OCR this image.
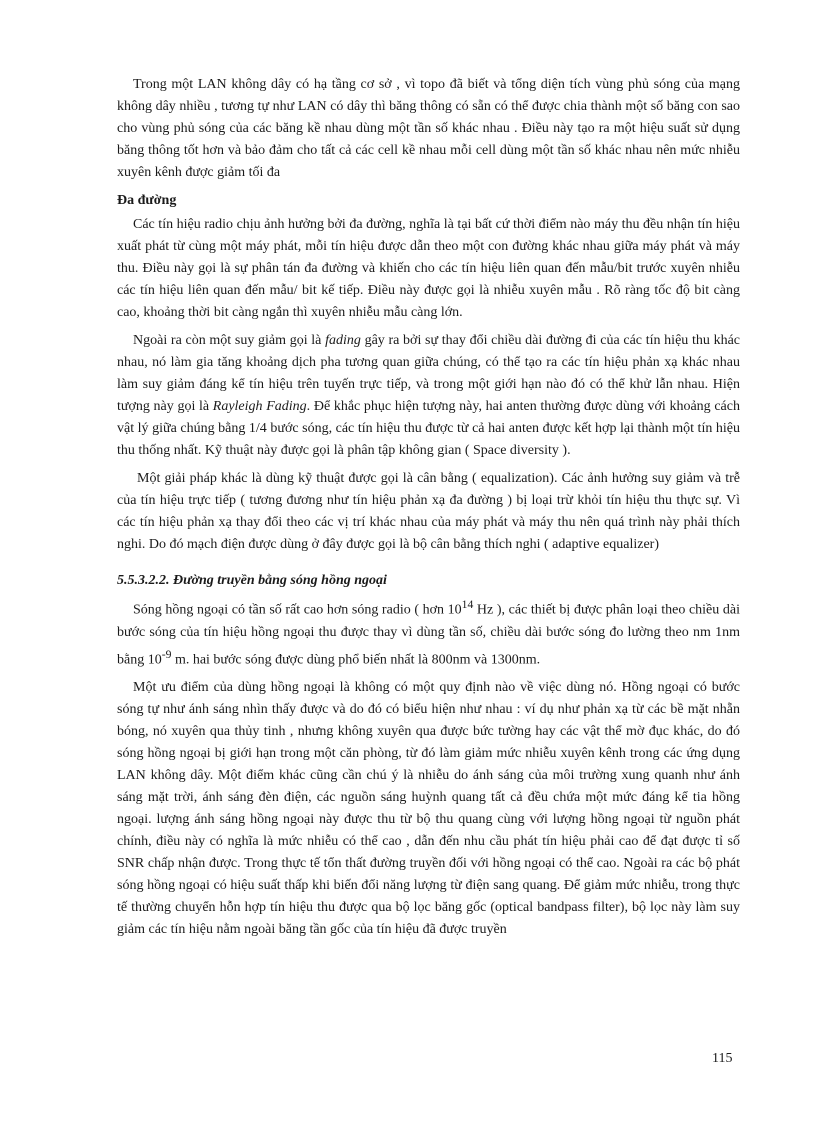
Trong một LAN không dây có hạ tầng cơ sở , vì topo đã biết và tổng diện tích vùng phủ sóng của mạng không dây nhiều , tương tự như LAN có dây thì băng thông có sẵn có thể được chia thành một số băng con sao cho vùng phủ sóng của các băng kề nhau dùng một tần số khác nhau . Điều này tạo ra một hiệu suất sử dụng băng thông tốt hơn và bảo đảm cho tất cả các cell kề nhau mỗi cell dùng một tần số khác nhau nên mức nhiễu xuyên kênh được giảm tối đa

Đa đường

Các tín hiệu radio chịu ảnh hưởng bởi đa đường, nghĩa là tại bất cứ thời điểm nào máy thu đều nhận tín hiệu xuất phát từ cùng một máy phát, mỗi tín hiệu được dẫn theo một con đường khác nhau giữa máy phát và máy thu. Điều này gọi là sự phân tán đa đường và khiến cho các tín hiệu liên quan đến mẫu/bit trước xuyên nhiễu các tín hiệu liên quan đến mẫu/ bit kế tiếp. Điều này được gọi là nhiễu xuyên mẫu . Rõ ràng tốc độ bit càng cao, khoảng thời bit càng ngắn thì xuyên nhiễu mẫu càng lớn.

Ngoài ra còn một suy giảm gọi là fading gây ra bởi sự thay đổi chiều dài đường đi của các tín hiệu thu khác nhau, nó làm gia tăng khoảng dịch pha tương quan giữa chúng, có thể tạo ra các tín hiệu phản xạ khác nhau làm suy giảm đáng kể tín hiệu trên tuyến trực tiếp, và trong một giới hạn nào đó có thể khử lẫn nhau. Hiện tượng này gọi là Rayleigh Fading. Để khắc phục hiện tượng này, hai anten thường được dùng với khoảng cách vật lý giữa chúng bằng 1/4 bước sóng, các tín hiệu thu được từ cả hai anten được kết hợp lại thành một tín hiệu thu thống nhất. Kỹ thuật này được gọi là phân tập không gian ( Space diversity ).

Một giải pháp khác là dùng kỹ thuật được gọi là cân bằng ( equalization). Các ảnh hưởng suy giảm và trễ của tín hiệu trực tiếp ( tương đương như tín hiệu phản xạ đa đường ) bị loại trừ khỏi tín hiệu thu thực sự. Vì các tín hiệu phản xạ thay đổi theo các vị trí khác nhau của máy phát và máy thu nên quá trình này phải thích nghi. Do đó mạch điện được dùng ở đây được gọi là bộ cân bằng thích nghi ( adaptive equalizer)

5.5.3.2.2. Đường truyền bằng sóng hồng ngoại

Sóng hồng ngoại có tần số rất cao hơn sóng radio ( hơn $10^{14}$ Hz ), các thiết bị được phân loại theo chiều dài bước sóng của tín hiệu hồng ngoại thu được thay vì dùng tần số, chiều dài bước sóng đo lường theo nm 1nm bằng $10^{-9}$ m. hai bước sóng được dùng phổ biến nhất là 800nm và 1300nm.

Một ưu điểm của dùng hồng ngoại là không có một quy định nào về việc dùng nó. Hồng ngoại có bước sóng tự như ánh sáng nhìn thấy được và do đó có biểu hiện như nhau : ví dụ như phản xạ từ các bề mặt nhẵn bóng, nó xuyên qua thủy tinh , nhưng không xuyên qua được bức tường hay các vật thể mờ đục khác, do đó sóng hồng ngoại bị giới hạn trong một căn phòng, từ đó làm giảm mức nhiễu xuyên kênh trong các ứng dụng LAN không dây. Một điểm khác cũng cần chú ý là nhiễu do ánh sáng của môi trường xung quanh như ánh sáng mặt trời, ánh sáng đèn điện, các nguồn sáng huỳnh quang tất cả đều chứa một mức đáng kể tia hồng ngoại. lượng ánh sáng hồng ngoại này được thu từ bộ thu quang cùng với lượng hồng ngoại từ nguồn phát chính, điều này có nghĩa là mức nhiễu có thể cao , dẫn đến nhu cầu phát tín hiệu phải cao để đạt được tỉ số SNR chấp nhận được. Trong thực tế tổn thất đường truyền đối với hồng ngoại có thể cao. Ngoài ra các bộ phát sóng hồng ngoại có hiệu suất thấp khi biến đổi năng lượng từ điện sang quang. Để giảm mức nhiễu, trong thực tế thường chuyển hỗn hợp tín hiệu thu được qua bộ lọc băng gốc (optical bandpass filter), bộ lọc này làm suy giảm các tín hiệu nằm ngoài băng tần gốc của tín hiệu đã được truyền

115
